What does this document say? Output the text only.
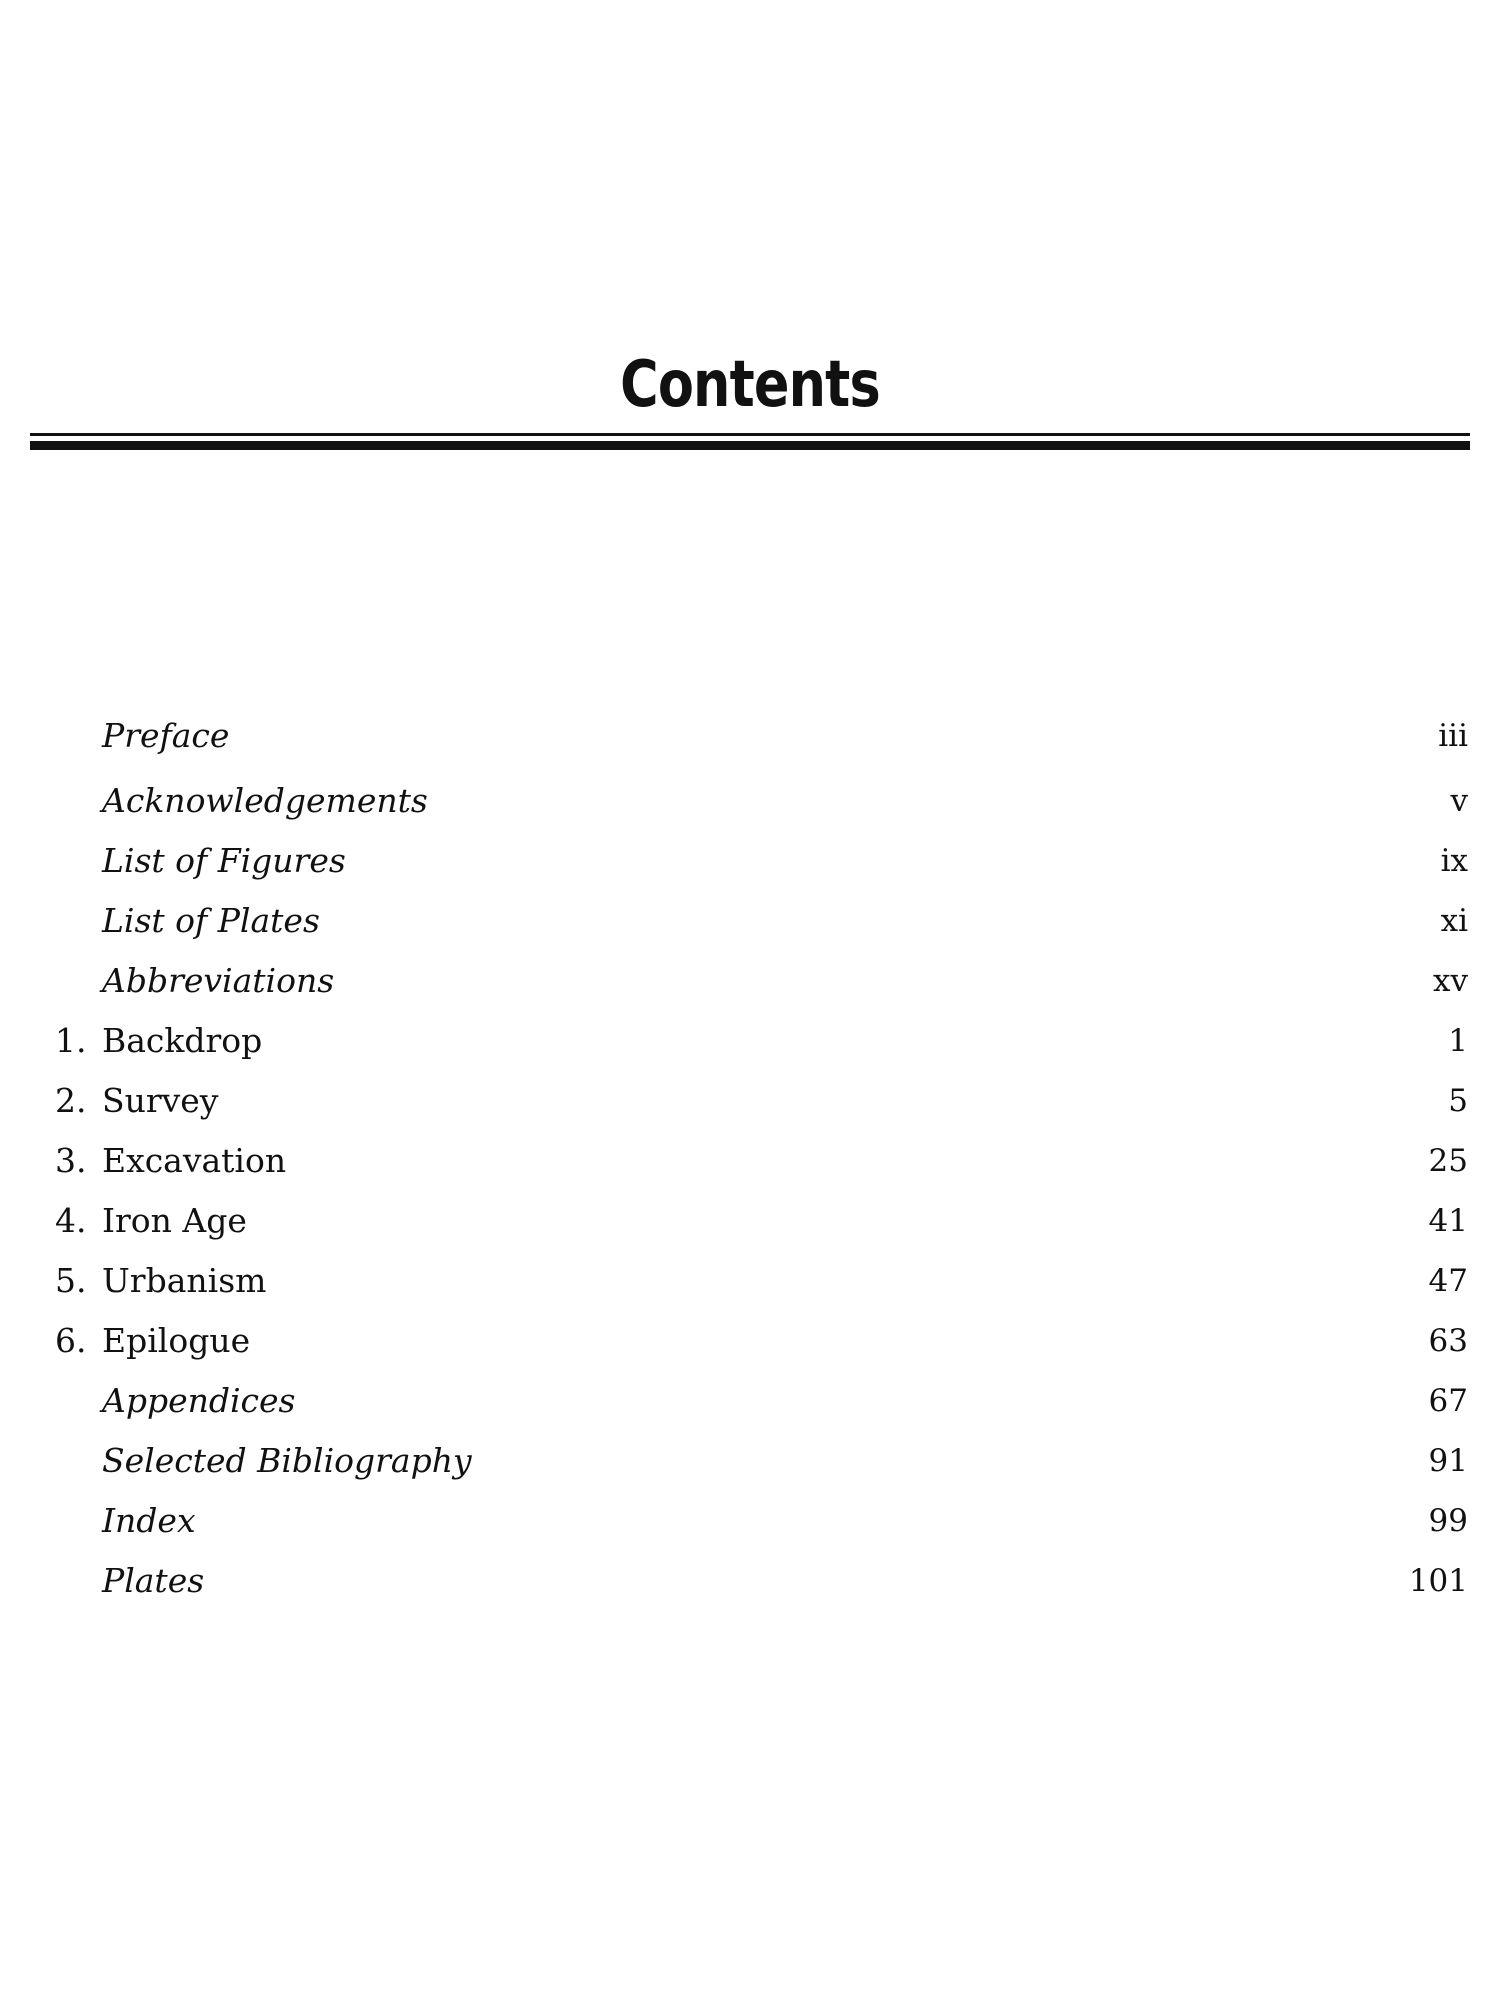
Contents
Preface	iii
Acknowledgements	v
List of Figures	ix
List of Plates	xi
Abbreviations	xv
1. Backdrop	1
2. Survey	5
3. Excavation	25
4. Iron Age	41
5. Urbanism	47
6. Epilogue	63
Appendices	67
Selected Bibliography	91
Index	99
Plates	101
